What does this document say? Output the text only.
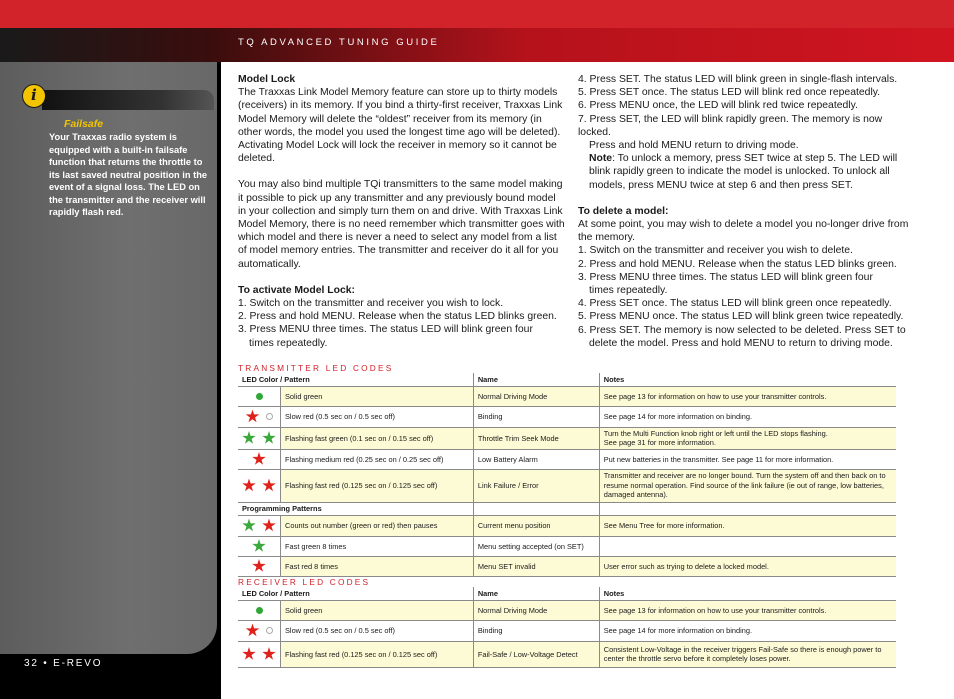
TQ ADVANCED TUNING GUIDE
i
Failsafe
Your Traxxas radio system is equipped with a built-in failsafe function that returns the throttle to its last saved neutral position in the event of a signal loss. The LED on the transmitter and the receiver will rapidly flash red.
32 • E-REVO

Model Lock

The Traxxas Link Model Memory feature can store up to thirty models (receivers) in its memory. If you bind a thirty-first receiver, Traxxas Link Model Memory will delete the “oldest” receiver from its memory (in other words, the model you used the longest time ago will be deleted). Activating Model Lock will lock the receiver in memory so it cannot be deleted.

You may also bind multiple TQi transmitters to the same model making it possible to pick up any transmitter and any previously bound model in your collection and simply turn them on and drive. With Traxxas Link Model Memory, there is no need remember which transmitter goes with which model and there is never a need to select any model from a list of model memory entries. The transmitter and receiver do it all for you automatically.

To activate Model Lock:

1. Switch on the transmitter and receiver you wish to lock.

2. Press and hold MENU. Release when the status LED blinks green.

3. Press MENU three times. The status LED will blink green four

times repeatedly.

4. Press SET. The status LED will blink green in single-flash intervals.

5. Press SET once. The status LED will blink red once repeatedly.

6. Press MENU once, the LED will blink red twice repeatedly.

7. Press SET, the LED will blink rapidly green. The memory is now locked.

Press and hold MENU return to driving mode.

Note: To unlock a memory, press SET twice at step 5. The LED will blink rapidly green to indicate the model is unlocked. To unlock all models, press MENU twice at step 6 and then press SET.

To delete a model:

At some point, you may wish to delete a model you no-longer drive from the memory.

1. Switch on the transmitter and receiver you wish to delete.

2. Press and hold MENU. Release when the status LED blinks green.

3. Press MENU three times. The status LED will blink green four

times repeatedly.

4. Press SET once. The status LED will blink green once repeatedly.

5. Press MENU once. The status LED will blink green twice repeatedly.

6. Press SET. The memory is now selected to be deleted. Press SET to

delete the model. Press and hold MENU to return to driving mode.

TRANSMITTER LED CODES
LED Color / Pattern		Name	Notes

	Solid green	Normal Driving Mode	See page 13 for information on how to use your transmitter controls.

	Slow red (0.5 sec on / 0.5 sec off)	Binding	See page 14 for more information on binding.

	Flashing fast green (0.1 sec on / 0.15 sec off)	Throttle Trim Seek Mode	Turn the Multi Function knob right or left until the LED stops flashing.
See page 31 for more information.

	Flashing medium red (0.25 sec on / 0.25 sec off)	Low Battery Alarm	Put new batteries in the transmitter. See page 11 for more information.

	Flashing fast red (0.125 sec on / 0.125 sec off)	Link Failure / Error	Transmitter and receiver are no longer bound. Turn the system off and then back on to resume normal operation. Find source of the link failure (ie out of range, low batteries, damaged antenna).
Programming Patterns			

	Counts out number (green or red) then pauses	Current menu position	See Menu Tree for more information.

	Fast green 8 times	Menu setting accepted (on SET)	

	Fast red 8 times	Menu SET invalid	User error such as trying to delete a locked model.
RECEIVER LED CODES
LED Color / Pattern		Name	Notes

	Solid green	Normal Driving Mode	See page 13 for information on how to use your transmitter controls.

	Slow red (0.5 sec on / 0.5 sec off)	Binding	See page 14 for more information on binding.

	Flashing fast red (0.125 sec on / 0.125 sec off)	Fail-Safe / Low-Voltage Detect	Consistent Low-Voltage in the receiver triggers Fail-Safe so there is enough power to center the throttle servo before it completely loses power.
